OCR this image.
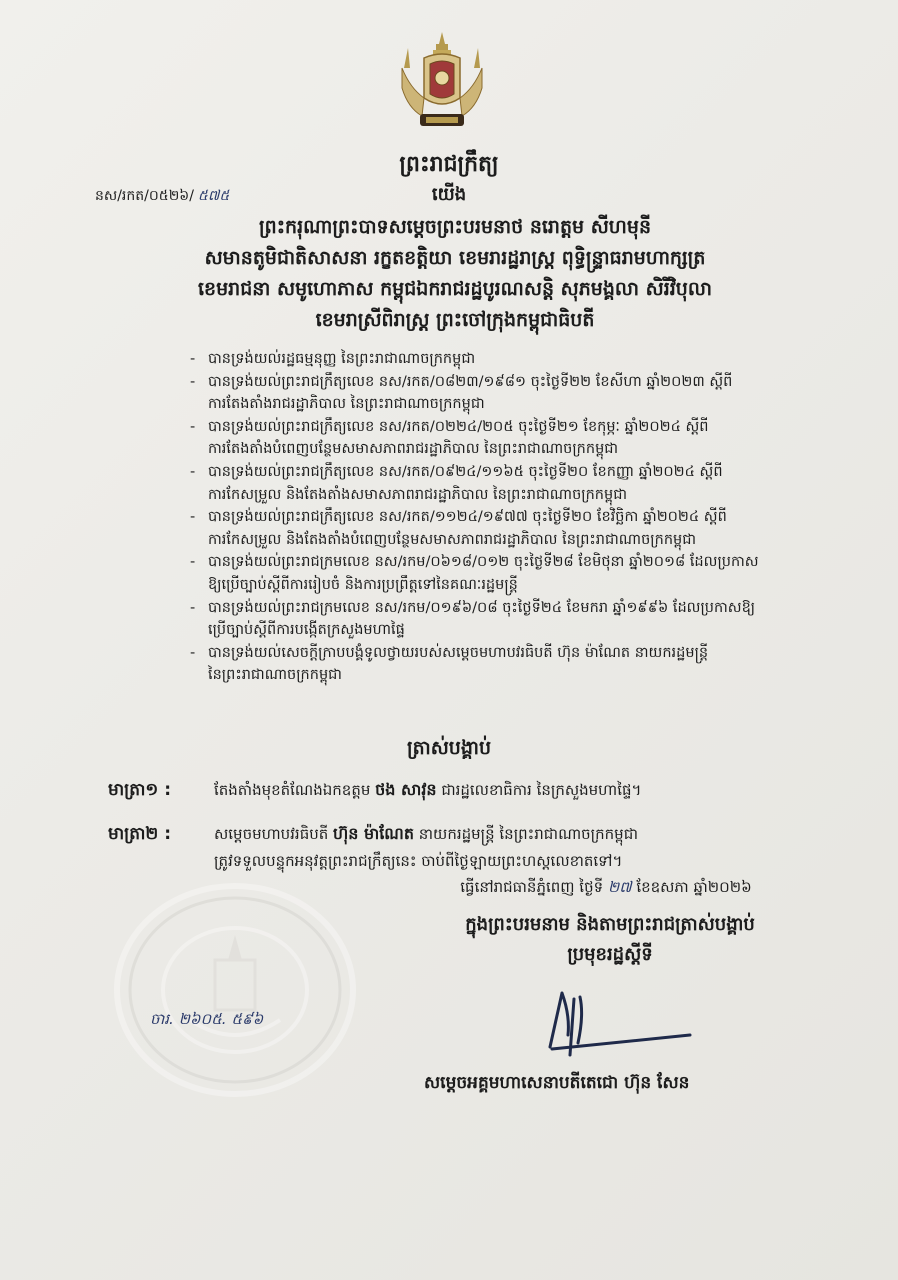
ព្រះរាជក្រឹត្យ
នស/រកត/០៥២៦/ ៥៧៥	យើង
ព្រះករុណាព្រះបាទសម្តេចព្រះបរមនាថ នរោត្តម សីហមុនី
សមានតូមិជាតិសាសនា រក្ខតខត្តិយា ខេមរារដ្ឋរាស្ត្រ ពុទ្ធិន្ទ្រាធរាមហាក្សត្រ
ខេមរាជនា សមូហោភាស កម្ពុជឯករាជរដ្ឋបូរណសន្តិ សុភមង្គលា សិរីវិបុលា
ខេមរាស្រីពិរាស្ត្រ ព្រះចៅក្រុងកម្ពុជាធិបតី
- បានទ្រង់យល់រដ្ឋធម្មនុញ្ញ នៃព្រះរាជាណាចក្រកម្ពុជា
- បានទ្រង់យល់ព្រះរាជក្រឹត្យលេខ នស/រកត/០៨២៣/១៩៨១ ចុះថ្ងៃទី២២ ខែសីហា ឆ្នាំ២០២៣ ស្តីពី
ការតែងតាំងរាជរដ្ឋាភិបាល នៃព្រះរាជាណាចក្រកម្ពុជា
- បានទ្រង់យល់ព្រះរាជក្រឹត្យលេខ នស/រកត/០២២៤/២០៥ ចុះថ្ងៃទី២១ ខែកុម្ភៈ ឆ្នាំ២០២៤ ស្តីពី
ការតែងតាំងបំពេញបន្ថែមសមាសភាពរាជរដ្ឋាភិបាល នៃព្រះរាជាណាចក្រកម្ពុជា
- បានទ្រង់យល់ព្រះរាជក្រឹត្យលេខ នស/រកត/០៩២៤/១១៦៥ ចុះថ្ងៃទី២០ ខែកញ្ញា ឆ្នាំ២០២៤ ស្តីពី
ការកែសម្រួល និងតែងតាំងសមាសភាពរាជរដ្ឋាភិបាល នៃព្រះរាជាណាចក្រកម្ពុជា
- បានទ្រង់យល់ព្រះរាជក្រឹត្យលេខ នស/រកត/១១២៤/១៩៧៧ ចុះថ្ងៃទី២០ ខែវិច្ឆិកា ឆ្នាំ២០២៤ ស្តីពី
ការកែសម្រួល និងតែងតាំងបំពេញបន្ថែមសមាសភាពរាជរដ្ឋាភិបាល នៃព្រះរាជាណាចក្រកម្ពុជា
- បានទ្រង់យល់ព្រះរាជក្រមលេខ នស/រកម/០៦១៨/០១២ ចុះថ្ងៃទី២៨ ខែមិថុនា ឆ្នាំ២០១៨ ដែលប្រកាស
ឱ្យប្រើច្បាប់ស្តីពីការរៀបចំ និងការប្រព្រឹត្តទៅនៃគណៈរដ្ឋមន្ត្រី
- បានទ្រង់យល់ព្រះរាជក្រមលេខ នស/រកម/០១៩៦/០៨ ចុះថ្ងៃទី២៤ ខែមករា ឆ្នាំ១៩៩៦ ដែលប្រកាសឱ្យ
ប្រើច្បាប់ស្តីពីការបង្កើតក្រសួងមហាផ្ទៃ
- បានទ្រង់យល់សេចក្តីក្រាបបង្គំទូលថ្វាយរបស់សម្តេចមហាបវរធិបតី ហ៊ុន ម៉ាណែត នាយករដ្ឋមន្ត្រី
នៃព្រះរាជាណាចក្រកម្ពុជា
ត្រាស់បង្គាប់
មាត្រា១ :	តែងតាំងមុខតំណែងឯកឧត្តម ថង សាវុន ជារដ្ឋលេខាធិការ នៃក្រសួងមហាផ្ទៃ។
មាត្រា២ :	សម្តេចមហាបវរធិបតី ហ៊ុន ម៉ាណែត នាយករដ្ឋមន្ត្រី នៃព្រះរាជាណាចក្រកម្ពុជា
ត្រូវទទួលបន្ទុកអនុវត្តព្រះរាជក្រឹត្យនេះ ចាប់ពីថ្ងៃឡាយព្រះហស្តលេខាតទៅ។
ធ្វើនៅរាជធានីភ្នំពេញ ថ្ងៃទី ២៧ ខែឧសភា ឆ្នាំ២០២៦
ក្នុងព្រះបរមនាម និងតាមព្រះរាជត្រាស់បង្គាប់
ប្រមុខរដ្ឋស្តីទី
ចារ. ២៦០៥. ៥៩៦
សម្តេចអគ្គមហាសេនាបតីតេជោ ហ៊ុន សែន
